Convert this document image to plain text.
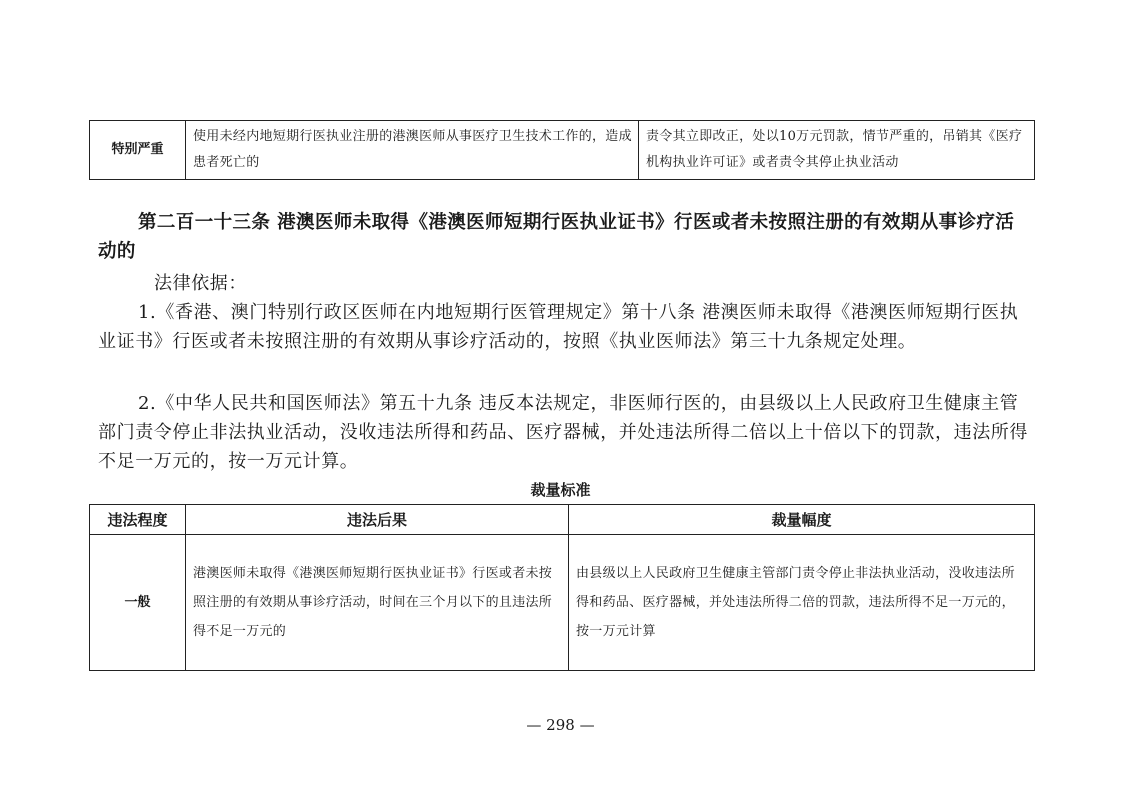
特别严重	使用未经内地短期行医执业注册的港澳医师从事医疗卫生技术工作的，造成患者死亡的	责令其立即改正，处以10万元罚款，情节严重的，吊销其《医疗机构执业许可证》或者责令其停止执业活动

第二百一十三条 港澳医师未取得《港澳医师短期行医执业证书》行医或者未按照注册的有效期从事诊疗活动的

法律依据：

1.《香港、澳门特别行政区医师在内地短期行医管理规定》第十八条 港澳医师未取得《港澳医师短期行医执业证书》行医或者未按照注册的有效期从事诊疗活动的，按照《执业医师法》第三十九条规定处理。

2.《中华人民共和国医师法》第五十九条 违反本法规定，非医师行医的，由县级以上人民政府卫生健康主管部门责令停止非法执业活动，没收违法所得和药品、医疗器械，并处违法所得二倍以上十倍以下的罚款，违法所得不足一万元的，按一万元计算。

裁量标准

违法程度	违法后果	裁量幅度
一般	港澳医师未取得《港澳医师短期行医执业证书》行医或者未按照注册的有效期从事诊疗活动，时间在三个月以下的且违法所得不足一万元的	由县级以上人民政府卫生健康主管部门责令停止非法执业活动，没收违法所得和药品、医疗器械，并处违法所得二倍的罚款，违法所得不足一万元的，按一万元计算

— 298 —
